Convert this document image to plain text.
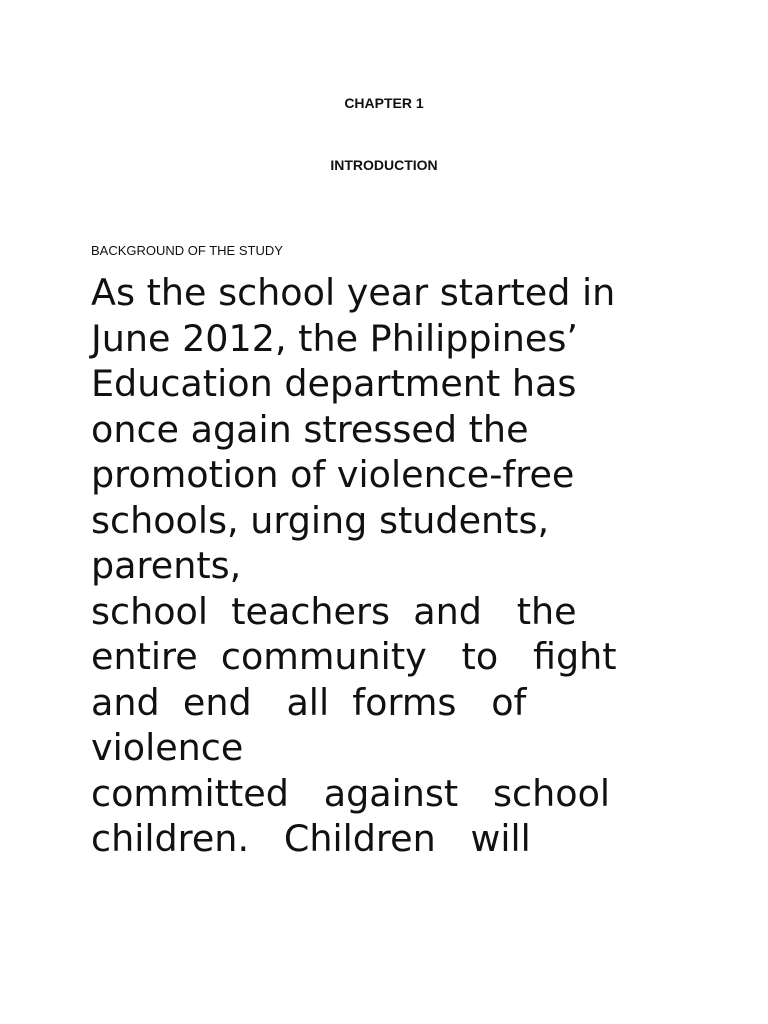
CHAPTER 1
INTRODUCTION
BACKGROUND OF THE STUDY
As the school year started in
June 2012, the Philippines’
Education department has
once again stressed the
promotion of violence-free
schools, urging students,
parents,
school  teachers  and   the
entire  community   to   fight
and  end   all  forms   of
violence
committed   against   school
children.   Children   will
